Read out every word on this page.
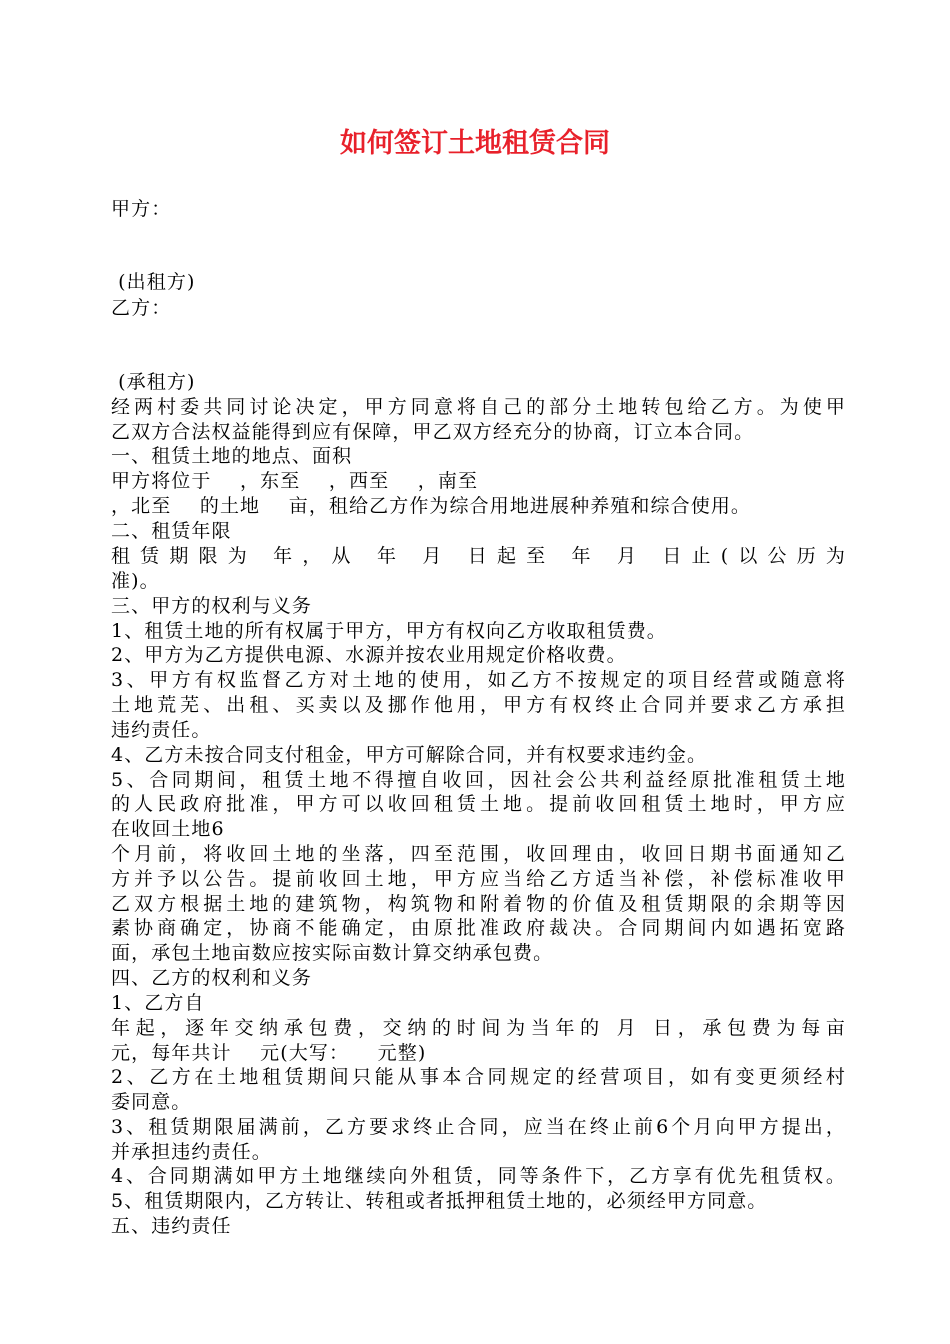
如何签订土地租赁合同

甲方：

(出租方)

乙方：

(承租方)

经两村委共同讨论决定，甲方同意将自己的部分土地转包给乙方。为使甲

乙双方合法权益能得到应有保障，甲乙双方经充分的协商，订立本合同。

一、租赁土地的地点、面积

甲方将位于    ，东至    ，西至    ，南至

，北至    的土地    亩，租给乙方作为综合用地进展种养殖和综合使用。

二、租赁年限

租赁期限为 年，从 年 月 日起至 年 月 日止(以公历为

准)。

三、甲方的权利与义务

1、租赁土地的所有权属于甲方，甲方有权向乙方收取租赁费。

2、甲方为乙方提供电源、水源并按农业用规定价格收费。

3、甲方有权监督乙方对土地的使用，如乙方不按规定的项目经营或随意将

土地荒芜、出租、买卖以及挪作他用，甲方有权终止合同并要求乙方承担

违约责任。

4、乙方未按合同支付租金，甲方可解除合同，并有权要求违约金。

5、合同期间，租赁土地不得擅自收回，因社会公共利益经原批准租赁土地

的人民政府批准，甲方可以收回租赁土地。提前收回租赁土地时，甲方应

在收回土地6

个月前，将收回土地的坐落，四至范围，收回理由，收回日期书面通知乙

方并予以公告。提前收回土地，甲方应当给乙方适当补偿，补偿标准收甲

乙双方根据土地的建筑物，构筑物和附着物的价值及租赁期限的余期等因

素协商确定，协商不能确定，由原批准政府裁决。合同期间内如遇拓宽路

面，承包土地亩数应按实际亩数计算交纳承包费。

四、乙方的权利和义务

1、乙方自

年起，逐年交纳承包费，交纳的时间为当年的 月 日，承包费为每亩

元，每年共计    元(大写：    元整)

2、乙方在土地租赁期间只能从事本合同规定的经营项目，如有变更须经村

委同意。

3、租赁期限届满前，乙方要求终止合同，应当在终止前6个月向甲方提出，

并承担违约责任。

4、合同期满如甲方土地继续向外租赁，同等条件下，乙方享有优先租赁权。

5、租赁期限内，乙方转让、转租或者抵押租赁土地的，必须经甲方同意。

五、违约责任
